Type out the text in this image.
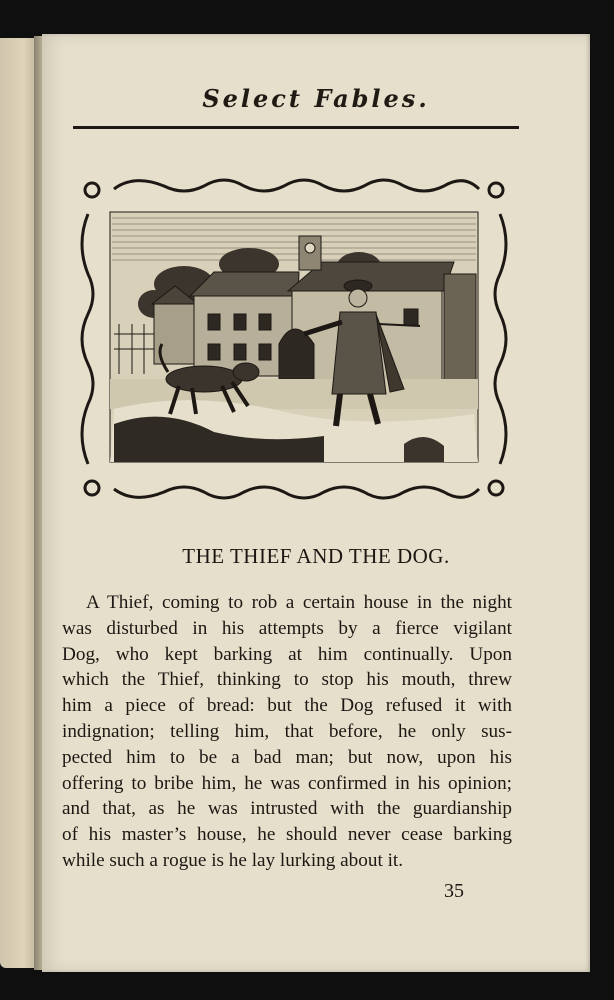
Select Fables.
THE THIEF AND THE DOG.
A Thief, coming to rob a certain house in the night
was disturbed in his attempts by a fierce vigilant
Dog, who kept barking at him continually. Upon
which the Thief, thinking to stop his mouth, threw
him a piece of bread: but the Dog refused it with
indignation; telling him, that before, he only sus-
pected him to be a bad man; but now, upon his
offering to bribe him, he was confirmed in his opinion;
and that, as he was intrusted with the guardianship
of his master’s house, he should never cease barking
while such a rogue is he lay lurking about it.
35
